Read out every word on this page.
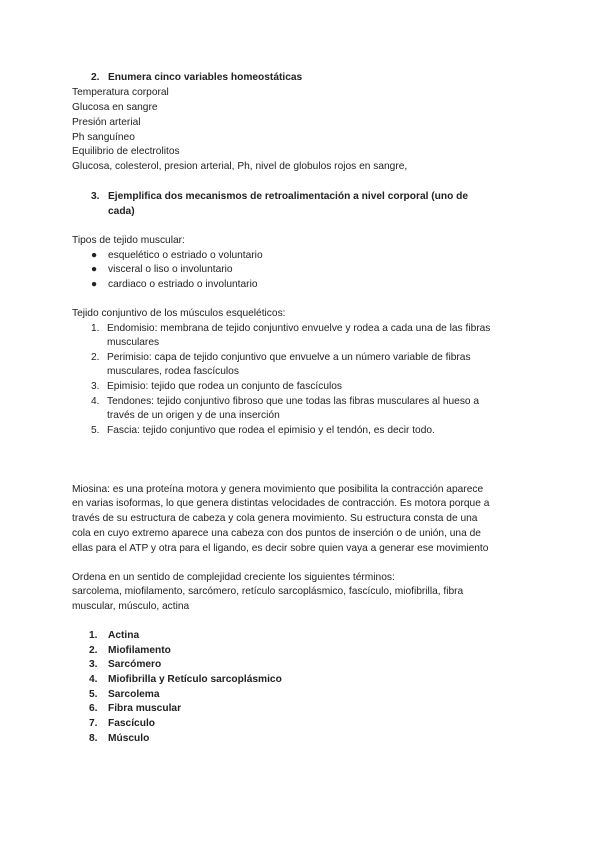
2. Enumera cinco variables homeostáticas
Temperatura corporal
Glucosa en sangre
Presión arterial
Ph sanguíneo
Equilibrio de electrolitos
Glucosa, colesterol, presion arterial, Ph, nivel de globulos rojos en sangre,
3. Ejemplifica dos mecanismos de retroalimentación a nivel corporal (uno de
cada)
Tipos de tejido muscular:
● esquelético o estriado o voluntario
● visceral o liso o involuntario
● cardiaco o estriado o involuntario
Tejido conjuntivo de los músculos esqueléticos:
1. Endomisio: membrana de tejido conjuntivo envuelve y rodea a cada una de las fibras
musculares
2. Perimisio: capa de tejido conjuntivo que envuelve a un número variable de fibras
musculares, rodea fascículos
3. Epimisio: tejido que rodea un conjunto de fascículos
4. Tendones: tejido conjuntivo fibroso que une todas las fibras musculares al hueso a
través de un origen y de una inserción
5. Fascia: tejido conjuntivo que rodea el epimisio y el tendón, es decir todo.
Miosina: es una proteína motora y genera movimiento que posibilita la contracción aparece
en varias isoformas, lo que genera distintas velocidades de contracción. Es motora porque a
través de su estructura de cabeza y cola genera movimiento. Su estructura consta de una
cola en cuyo extremo aparece una cabeza con dos puntos de inserción o de unión, una de
ellas para el ATP y otra para el ligando, es decir sobre quien vaya a generar ese movimiento
Ordena en un sentido de complejidad creciente los siguientes términos:
sarcolema, miofilamento, sarcómero, retículo sarcoplásmico, fascículo, miofibrilla, fibra
muscular, músculo, actina
1. Actina
2. Miofilamento
3. Sarcómero
4. Miofibrilla y Retículo sarcoplásmico
5. Sarcolema
6. Fibra muscular
7. Fascículo
8. Músculo
